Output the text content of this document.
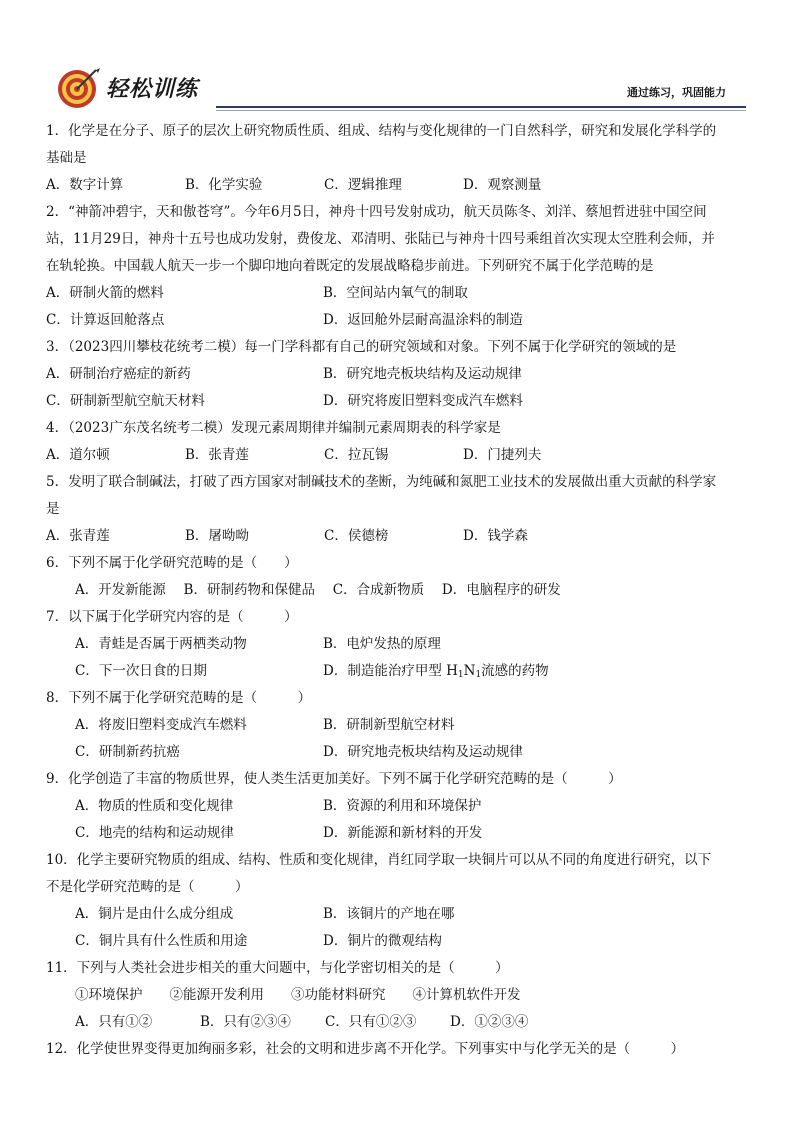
轻松训练	通过练习，巩固能力
1．化学是在分子、原子的层次上研究物质性质、组成、结构与变化规律的一门自然科学，研究和发展化学科学的
基础是
A．数字计算	B．化学实验	C．逻辑推理	D．观察测量
2．“神箭冲碧宇，天和傲苍穹”。今年6月5日，神舟十四号发射成功，航天员陈冬、刘洋、蔡旭哲进驻中国空间
站，11月29日，神舟十五号也成功发射，费俊龙、邓清明、张陆已与神舟十四号乘组首次实现太空胜利会师，并
在轨轮换。中国载人航天一步一个脚印地向着既定的发展战略稳步前进。下列研究不属于化学范畴的是
A．研制火箭的燃料	B．空间站内氧气的制取
C．计算返回舱落点	D．返回舱外层耐高温涂料的制造
3．（2023四川攀枝花统考二模）每一门学科都有自己的研究领域和对象。下列不属于化学研究的领域的是
A．研制治疗癌症的新药	B．研究地壳板块结构及运动规律
C．研制新型航空航天材料	D．研究将废旧塑料变成汽车燃料
4．（2023广东茂名统考二模）发现元素周期律并编制元素周期表的科学家是
A．道尔顿	B．张青莲	C．拉瓦锡	D．门捷列夫
5．发明了联合制碱法，打破了西方国家对制碱技术的垄断，为纯碱和氮肥工业技术的发展做出重大贡献的科学家
是
A．张青莲	B．屠呦呦	C．侯德榜	D．钱学森
6．下列不属于化学研究范畴的是（　　）
A．开发新能源　 B．研制药物和保健品　 C．合成新物质　 D．电脑程序的研发
7．以下属于化学研究内容的是（　　　）
A．青蛙是否属于两栖类动物	B．电炉发热的原理
C．下一次日食的日期	D．制造能治疗甲型 H1N1流感的药物
8．下列不属于化学研究范畴的是（　　　）
A．将废旧塑料变成汽车燃料	B．研制新型航空材料
C．研制新药抗癌	D．研究地壳板块结构及运动规律
9．化学创造了丰富的物质世界，使人类生活更加美好。下列不属于化学研究范畴的是（　　　）
A．物质的性质和变化规律	B．资源的利用和环境保护
C．地壳的结构和运动规律	D．新能源和新材料的开发
10．化学主要研究物质的组成、结构、性质和变化规律，肖红同学取一块铜片可以从不同的角度进行研究，以下
不是化学研究范畴的是（　　　）
A．铜片是由什么成分组成	B．该铜片的产地在哪
C．铜片具有什么性质和用途	D．铜片的微观结构
11．下列与人类社会进步相关的重大问题中，与化学密切相关的是（　　　）
①环境保护　　②能源开发利用　　③功能材料研究　　④计算机软件开发
A．只有①②	B．只有②③④	C．只有①②③	D．①②③④
12．化学使世界变得更加绚丽多彩，社会的文明和进步离不开化学。下列事实中与化学无关的是（　　　）
